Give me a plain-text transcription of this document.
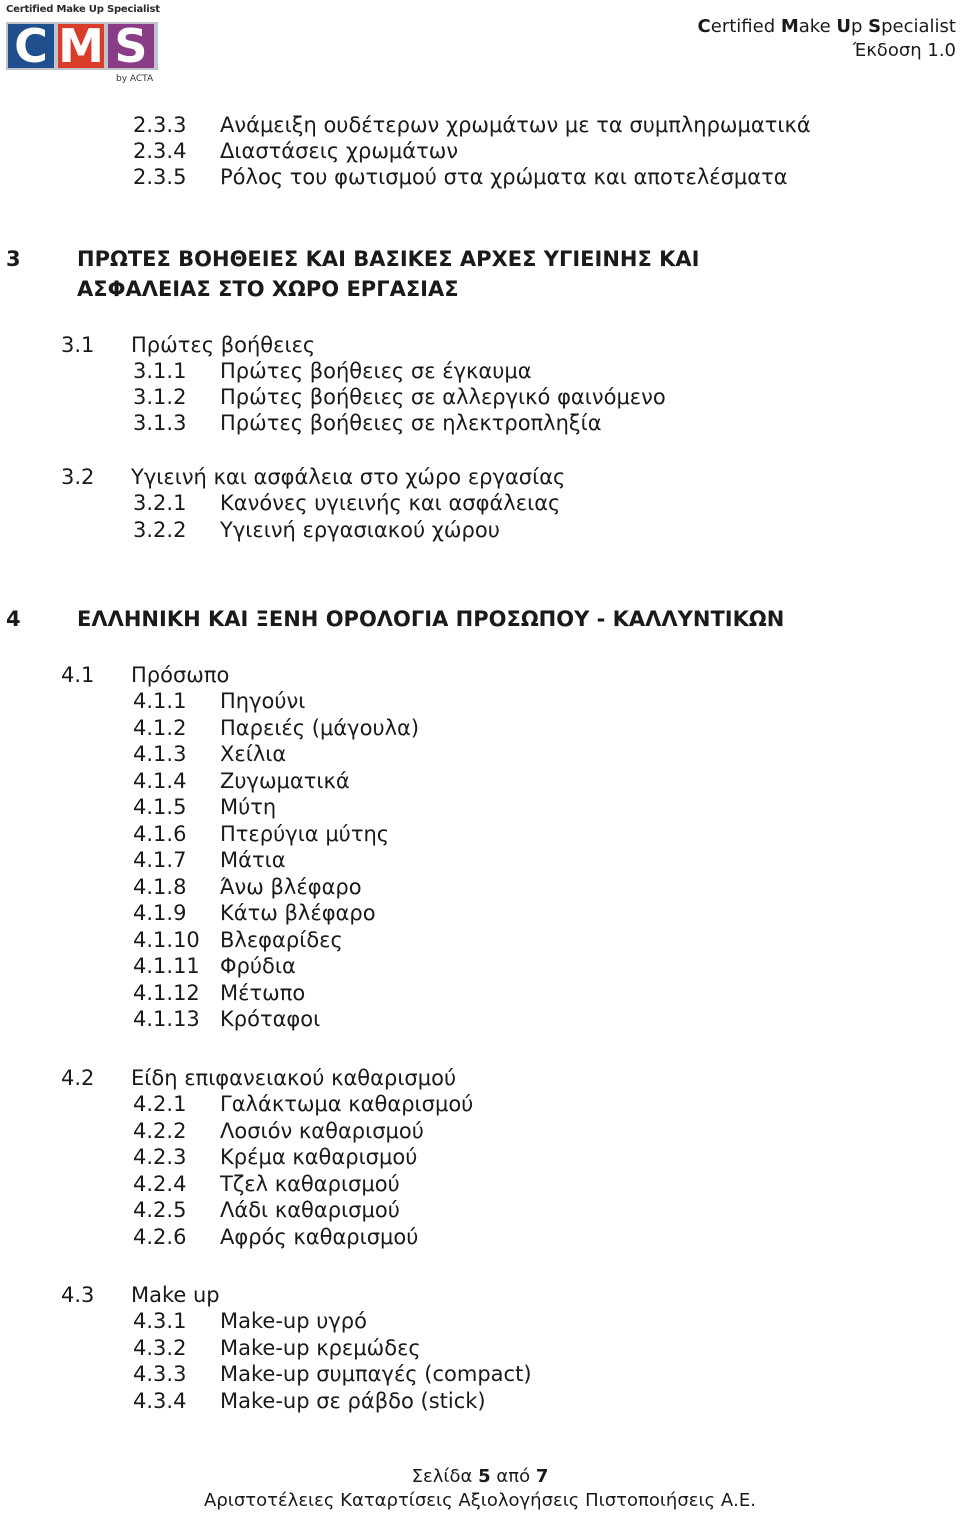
Certified Make Up Specialist
C M S
by ACTA
Certified Make Up Specialist
Έκδοση 1.0
2.3.3 Ανάμειξη ουδέτερων χρωμάτων με τα συμπληρωματικά
2.3.4 Διαστάσεις χρωμάτων
2.3.5 Ρόλος του φωτισμού στα χρώματα και αποτελέσματα
3	ΠΡΩΤΕΣ ΒΟΗΘΕΙΕΣ ΚΑΙ ΒΑΣΙΚΕΣ ΑΡΧΕΣ ΥΓΙΕΙΝΗΣ ΚΑΙ
ΑΣΦΑΛΕΙΑΣ ΣΤΟ ΧΩΡΟ ΕΡΓΑΣΙΑΣ
3.1 Πρώτες βοήθειες
3.1.1 Πρώτες βοήθειες σε έγκαυμα
3.1.2 Πρώτες βοήθειες σε αλλεργικό φαινόμενο
3.1.3 Πρώτες βοήθειες σε ηλεκτροπληξία
3.2 Υγιεινή και ασφάλεια στο χώρο εργασίας
3.2.1 Κανόνες υγιεινής και ασφάλειας
3.2.2 Υγιεινή εργασιακού χώρου
4	ΕΛΛΗΝΙΚΗ ΚΑΙ ΞΕΝΗ ΟΡΟΛΟΓΙΑ ΠΡΟΣΩΠΟΥ - ΚΑΛΛΥΝΤΙΚΩΝ
4.1 Πρόσωπο
4.1.1 Πηγούνι
4.1.2 Παρειές (μάγουλα)
4.1.3 Χείλια
4.1.4 Ζυγωματικά
4.1.5 Μύτη
4.1.6 Πτερύγια μύτης
4.1.7 Μάτια
4.1.8 Άνω βλέφαρο
4.1.9 Κάτω βλέφαρο
4.1.10 Βλεφαρίδες
4.1.11 Φρύδια
4.1.12 Μέτωπο
4.1.13 Κρόταφοι
4.2 Είδη επιφανειακού καθαρισμού
4.2.1 Γαλάκτωμα καθαρισμού
4.2.2 Λοσιόν καθαρισμού
4.2.3 Κρέμα καθαρισμού
4.2.4 Τζελ καθαρισμού
4.2.5 Λάδι καθαρισμού
4.2.6 Αφρός καθαρισμού
4.3 Make up
4.3.1 Make-up υγρό
4.3.2 Make-up κρεμώδες
4.3.3 Make-up συμπαγές (compact)
4.3.4 Make-up σε ράβδο (stick)
Σελίδα 5 από 7
Αριστοτέλειες Καταρτίσεις Αξιολογήσεις Πιστοποιήσεις Α.Ε.
